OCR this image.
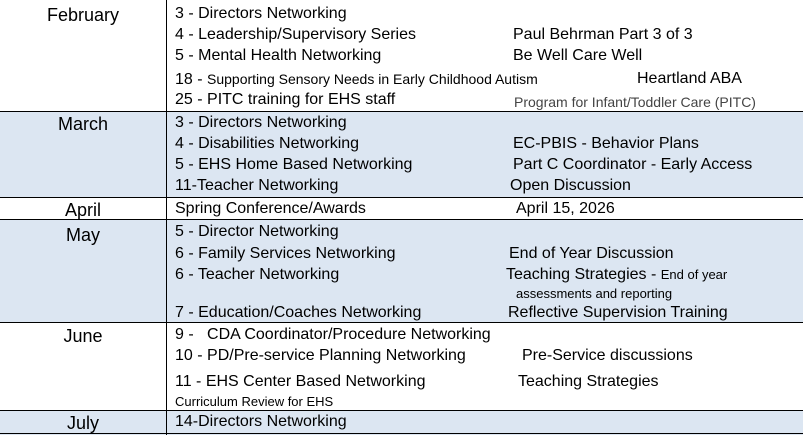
February	3 - Directors Networking
4 - Leadership/Supervisory Series	Paul Behrman Part 3 of 3
5 - Mental Health Networking	Be Well Care Well
18 - Supporting Sensory Needs in Early Childhood Autism	Heartland ABA
25 - PITC training for EHS staff	Program for Infant/Toddler Care (PITC)
March	3 - Directors Networking
4 - Disabilities Networking	EC-PBIS - Behavior Plans
5 - EHS Home Based Networking	Part C Coordinator - Early Access
11-Teacher Networking	Open Discussion
April	Spring Conference/Awards	April 15, 2026
May	5 - Director Networking
6 - Family Services Networking	End of Year Discussion
6 - Teacher Networking	Teaching Strategies - End of year
assessments and reporting
7 - Education/Coaches Networking	Reflective Supervision Training
June	9 -   CDA Coordinator/Procedure Networking
10 - PD/Pre-service Planning Networking	Pre-Service discussions
11 - EHS Center Based Networking	Teaching Strategies
Curriculum Review for EHS
July	14-Directors Networking
